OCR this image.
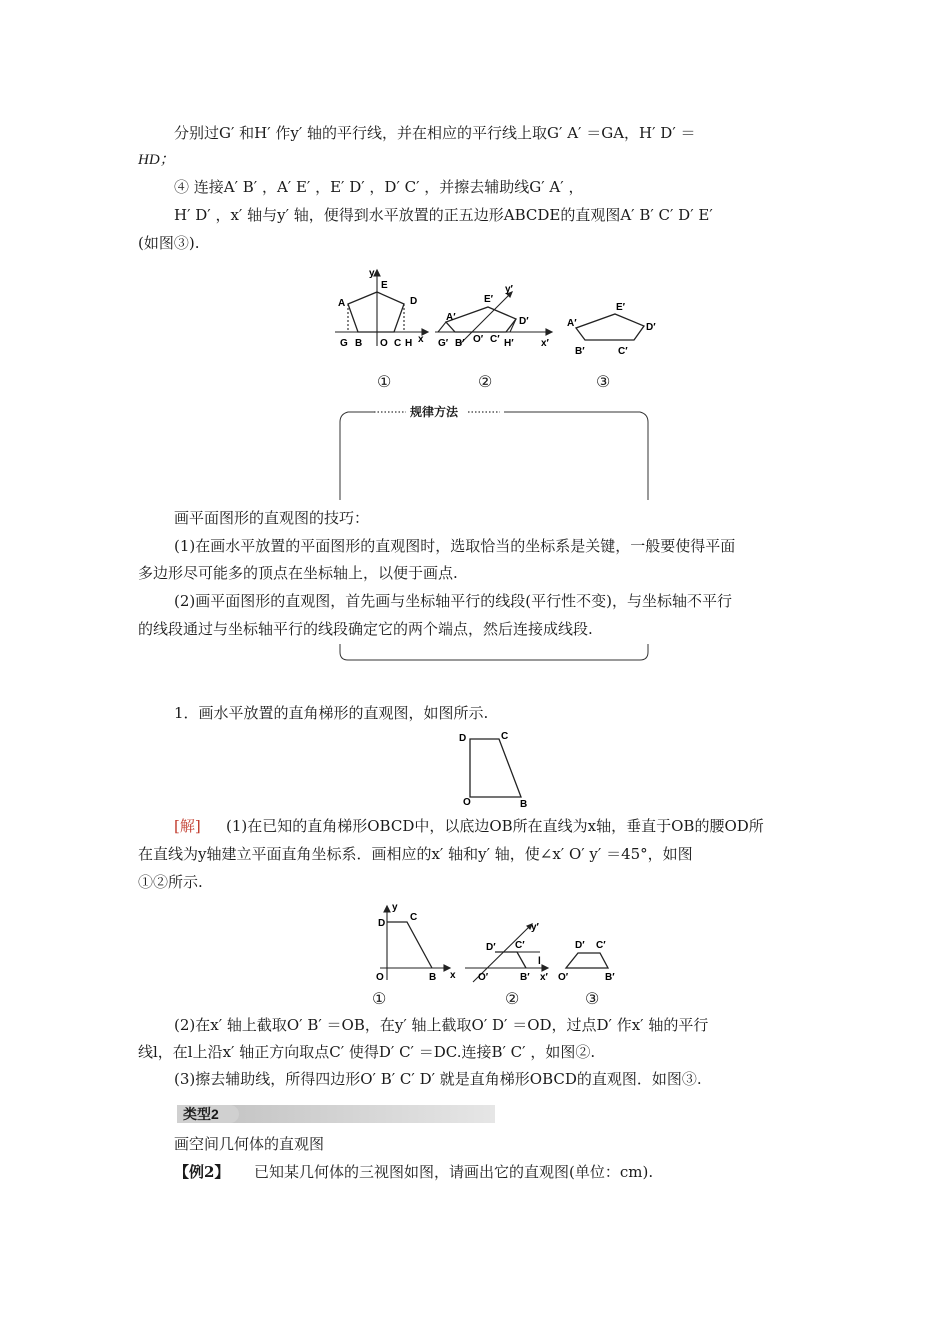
分别过G′ 和H′ 作y′ 轴的平行线，并在相应的平行线上取G′ A′ ＝GA，H′ D′ ＝
HD；
④ 连接A′ B′ ，A′ E′ ，E′ D′ ，D′ C′ ，并擦去辅助线G′ A′ ，
H′ D′ ，x′ 轴与y′ 轴，便得到水平放置的正五边形ABCDE的直观图A′ B′ C′ D′ E′
(如图③).
y
E
A	D
G B O C H x
y′
E′
A′	D′
G′ B′ O′ C′ H′	x′
E′
A′	D′
B′	C′
①	②	③
规律方法
画平面图形的直观图的技巧：
(1)在画水平放置的平面图形的直观图时，选取恰当的坐标系是关键，一般要使得平面
多边形尽可能多的顶点在坐标轴上，以便于画点.
(2)画平面图形的直观图，首先画与坐标轴平行的线段(平行性不变)，与坐标轴不平行
的线段通过与坐标轴平行的线段确定它的两个端点，然后连接成线段.
1．画水平放置的直角梯形的直观图，如图所示.
D	C
O	B
[解] (1)在已知的直角梯形OBCD中，以底边OB所在直线为x轴，垂直于OB的腰OD所
在直线为y轴建立平面直角坐标系．画相应的x′ 轴和y′ 轴，使∠x′ O′ y′ ＝45°，如图
①②所示.
y
D
C
O	B x
y′
D′ C′
l
O′	B′ x′
D′ C′
O′	B′
①	②	③
(2)在x′ 轴上截取O′ B′ ＝OB，在y′ 轴上截取O′ D′ ＝OD，过点D′ 作x′ 轴的平行
线l，在l上沿x′ 轴正方向取点C′ 使得D′ C′ ＝DC.连接B′ C′ ，如图②.
(3)擦去辅助线，所得四边形O′ B′ C′ D′ 就是直角梯形OBCD的直观图．如图③.
类型2
画空间几何体的直观图
【例2】 已知某几何体的三视图如图，请画出它的直观图(单位：cm).
